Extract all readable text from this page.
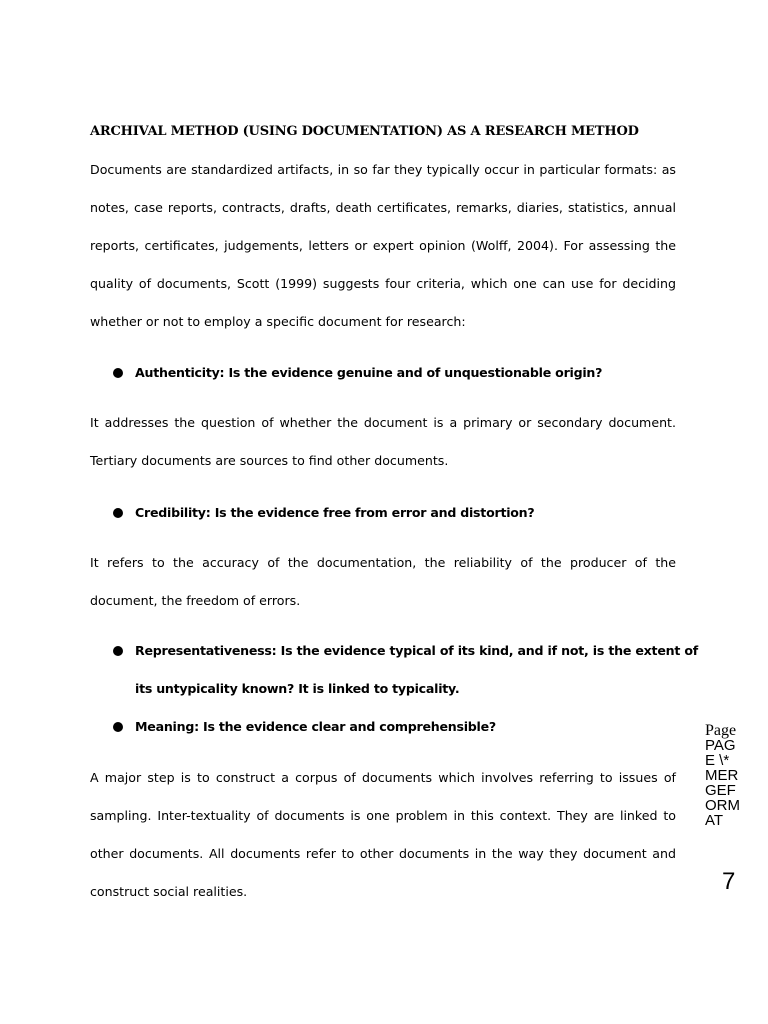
ARCHIVAL METHOD (USING DOCUMENTATION) AS A RESEARCH METHOD

Documents are standardized artifacts, in so far they typically occur in particular formats: as notes, case reports, contracts, drafts, death certificates, remarks, diaries, statistics, annual reports, certificates, judgements, letters or expert opinion (Wolff, 2004). For assessing the quality of documents, Scott (1999) suggests four criteria, which one can use for deciding whether or not to employ a specific document for research:

Authenticity: Is the evidence genuine and of unquestionable origin?

It addresses the question of whether the document is a primary or secondary document. Tertiary documents are sources to find other documents.

Credibility: Is the evidence free from error and distortion?

It refers to the accuracy of the documentation, the reliability of the producer of the document, the freedom of errors.

Representativeness: Is the evidence typical of its kind, and if not, is the extent of its untypicality known? It is linked to typicality.
Meaning: Is the evidence clear and comprehensible?

A major step is to construct a corpus of documents which involves referring to issues of sampling. Inter-textuality of documents is one problem in this context. They are linked to other documents. All documents refer to other documents in the way they document and construct social realities.

Page PAGE \* MERGEFORMAT
7
